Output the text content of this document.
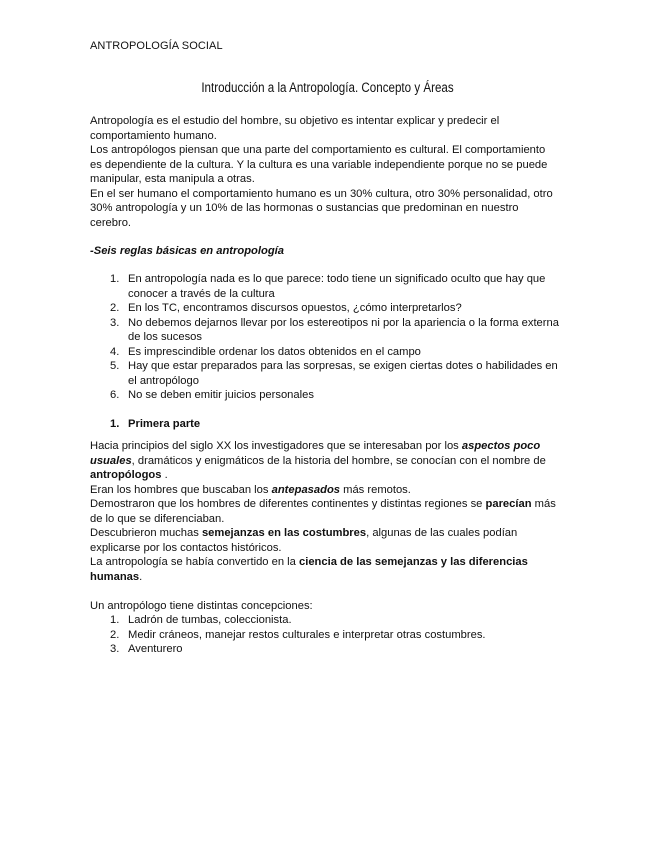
ANTROPOLOGÍA SOCIAL
Introducción a la Antropología. Concepto y Áreas

Antropología es el estudio del hombre, su objetivo es intentar explicar y predecir el comportamiento humano.

Los antropólogos piensan que una parte del comportamiento es cultural. El comportamiento es dependiente de la cultura. Y la cultura es una variable independiente porque no se puede manipular, esta manipula a otras.

En el ser humano el comportamiento humano es un 30% cultura, otro 30% personalidad, otro 30% antropología y un 10% de las hormonas o sustancias que predominan en nuestro cerebro.

-Seis reglas básicas en antropología
1. En antropología nada es lo que parece: todo tiene un significado oculto que hay que conocer a través de la cultura
2. En los TC, encontramos discursos opuestos, ¿cómo interpretarlos?
3. No debemos dejarnos llevar por los estereotipos ni por la apariencia o la forma externa de los sucesos
4. Es imprescindible ordenar los datos obtenidos en el campo
5. Hay que estar preparados para las sorpresas, se exigen ciertas dotes o habilidades en el antropólogo
6. No se deben emitir juicios personales
1. Primera parte

Hacia principios del siglo XX los investigadores que se interesaban por los aspectos poco usuales, dramáticos y enigmáticos de la historia del hombre, se conocían con el nombre de antropólogos .

Eran los hombres que buscaban los antepasados más remotos.

Demostraron que los hombres de diferentes continentes y distintas regiones se parecían más de lo que se diferenciaban.

Descubrieron muchas semejanzas en las costumbres, algunas de las cuales podían explicarse por los contactos históricos.

La antropología se había convertido en la ciencia de las semejanzas y las diferencias humanas.

Un antropólogo tiene distintas concepciones:
1. Ladrón de tumbas, coleccionista.
2. Medir cráneos, manejar restos culturales e interpretar otras costumbres.
3. Aventurero
